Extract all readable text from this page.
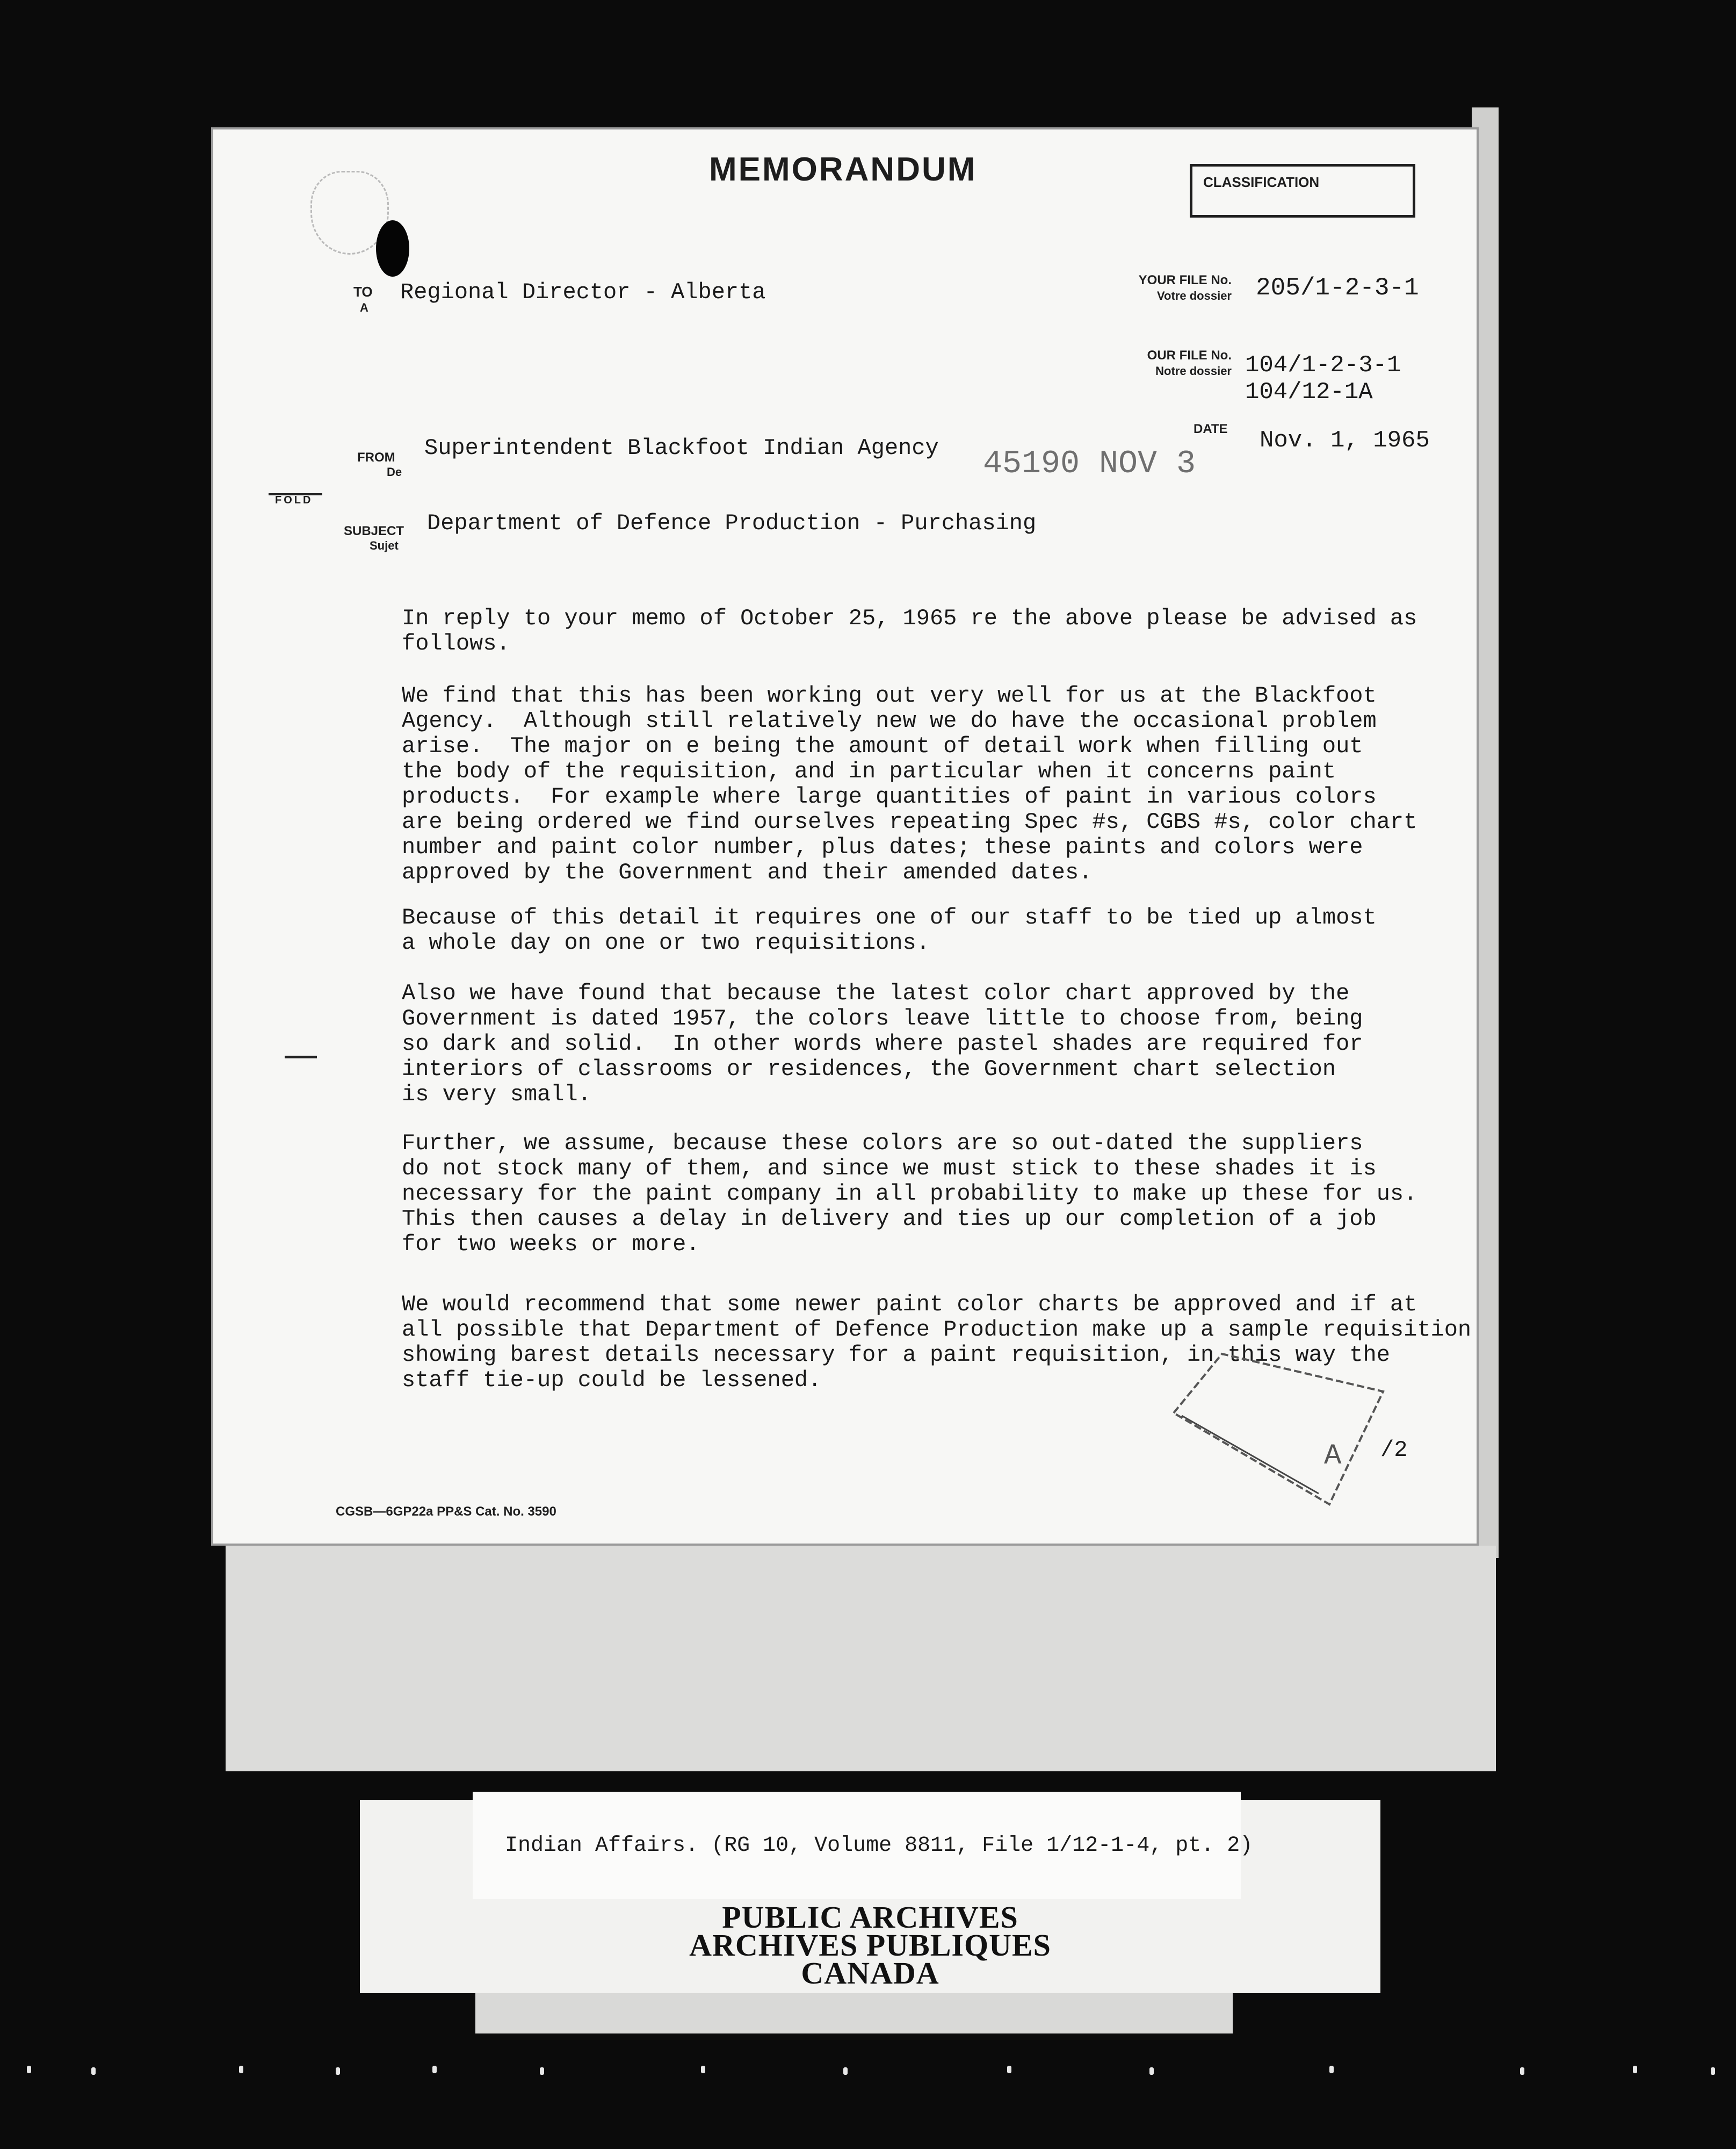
MEMORANDUM	CLASSIFICATION
TO
A
Regional Director - Alberta	YOUR FILE No.
Votre dossier 205/1-2-3-1
OUR FILE No.
Notre dossier 104/1-2-3-1
104/12-1A
FROM
De
Superintendent Blackfoot Indian Agency 45190 NOV 3
DATE Nov. 1, 1965
FOLD
SUBJECT
Sujet
Department of Defence Production - Purchasing
In reply to your memo of October 25, 1965 re the above please be advised as
follows.
We find that this has been working out very well for us at the Blackfoot
Agency.  Although still relatively new we do have the occasional problem
arise.  The major on e being the amount of detail work when filling out
the body of the requisition, and in particular when it concerns paint
products.  For example where large quantities of paint in various colors
are being ordered we find ourselves repeating Spec #s, CGBS #s, color chart
number and paint color number, plus dates; these paints and colors were
approved by the Government and their amended dates.
Because of this detail it requires one of our staff to be tied up almost
a whole day on one or two requisitions.
Also we have found that because the latest color chart approved by the
Government is dated 1957, the colors leave little to choose from, being
so dark and solid.  In other words where pastel shades are required for
interiors of classrooms or residences, the Government chart selection
is very small.
Further, we assume, because these colors are so out-dated the suppliers
do not stock many of them, and since we must stick to these shades it is
necessary for the paint company in all probability to make up these for us.
This then causes a delay in delivery and ties up our completion of a job
for two weeks or more.
We would recommend that some newer paint color charts be approved and if at
all possible that Department of Defence Production make up a sample requisition
showing barest details necessary for a paint requisition, in this way the
staff tie-up could be lessened.
A /2
CGSB—6GP22a PP&S Cat. No. 3590
Indian Affairs. (RG 10, Volume 8811, File 1/12-1-4, pt. 2)
PUBLIC ARCHIVES
ARCHIVES PUBLIQUES
CANADA
